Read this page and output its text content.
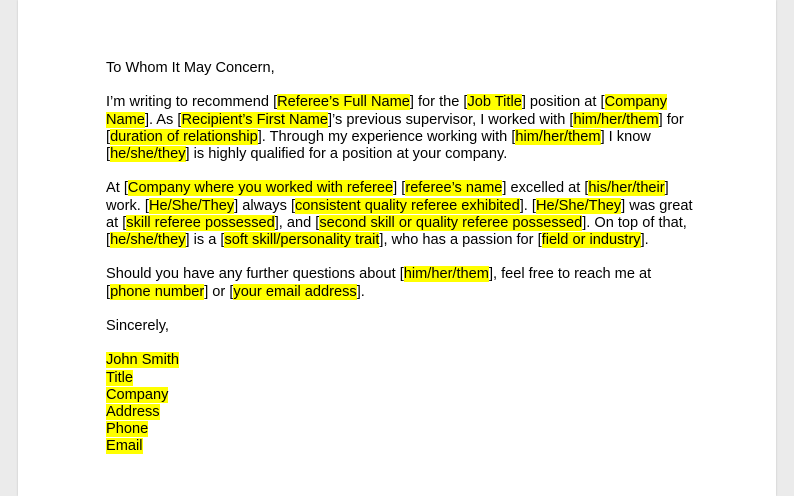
To Whom It May Concern,

I’m writing to recommend [Referee’s Full Name] for the [Job Title] position at [Company Name]. As [Recipient’s First Name]’s previous supervisor, I worked with [him/her/them] for [duration of relationship]. Through my experience working with [him/her/them] I know [he/she/they] is highly qualified for a position at your company.

At [Company where you worked with referee] [referee’s name] excelled at [his/her/their] work. [He/She/They] always [consistent quality referee exhibited]. [He/She/They] was great at [skill referee possessed], and [second skill or quality referee possessed]. On top of that, [he/she/they] is a [soft skill/personality trait], who has a passion for [field or industry].

Should you have any further questions about [him/her/them], feel free to reach me at [phone number] or [your email address].

Sincerely,

John Smith

Title

Company

Address

Phone

Email
